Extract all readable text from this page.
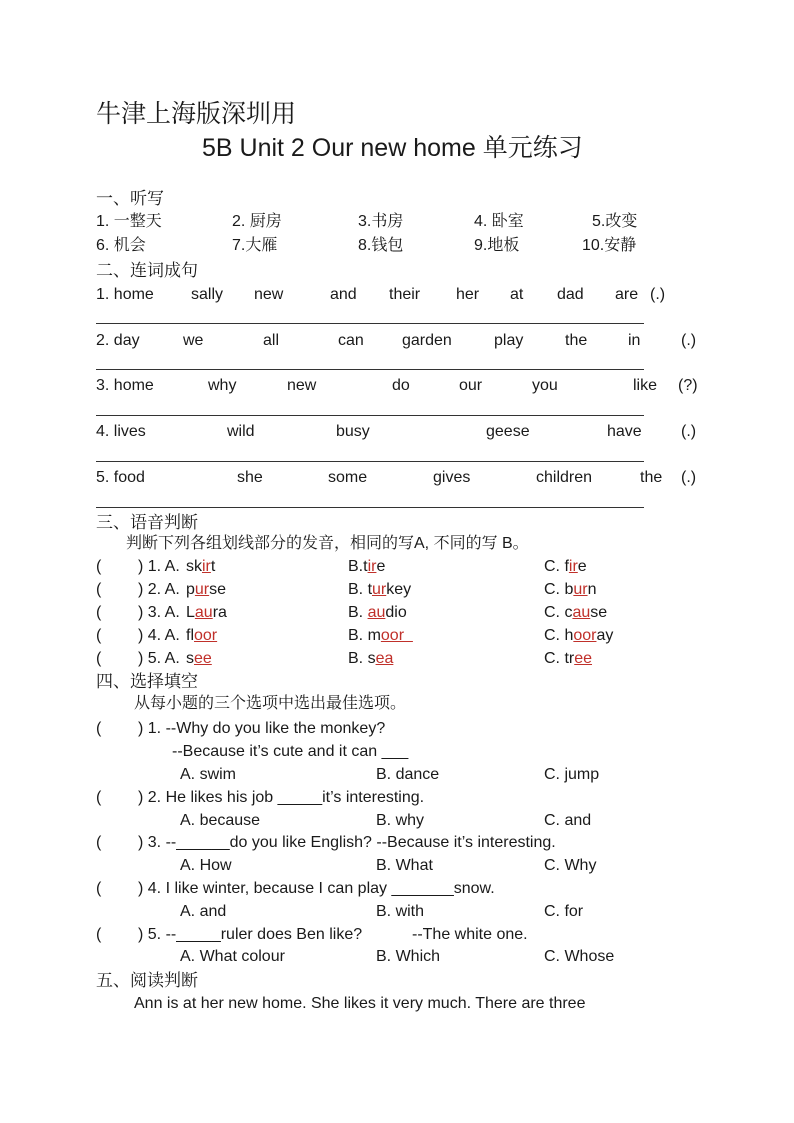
牛津上海版深圳用
5B Unit 2 Our new home 单元练习
一、听写
1. 一整天	2. 厨房	3.书房	4. 卧室	5.改变
6. 机会	7.大雁	8.钱包	9.地板	10.安静
二、连词成句
1. home sally new	and their her at dad are (.)
2. day	we	all	can garden	play	the	in	(.)
3. home	why	new	do	our	you	like (?)
4. lives	wild	busy	geese	have (.)
5. food	she	some	gives	children	the (.)
三、语音判断
判断下列各组划线部分的发音，相同的写A, 不同的写 B。
( ) 1. A. skirt	B.tire	C. fire
( ) 2. A. purse	B. turkey	C. burn
( ) 3. A. Laura	B. audio	C. cause
( ) 4. A. floor	B. moor	C. hooray
( ) 5. A. see	B. sea	C. tree
四、选择填空
从每小题的三个选项中选出最佳选项。
( ) 1. --Why do you like the monkey?
--Because it’s cute and it can ___
A. swim	B. dance	C. jump
( ) 2. He likes his job _____it’s interesting.
A. because	B. why	C. and
( ) 3. --______do you like English? --Because it’s interesting.
A. How	B. What	C. Why
( ) 4. I like winter, because I can play _______snow.
A. and	B. with	C. for
( ) 5. --_____ruler does Ben like?	--The white one.
A. What colour	B. Which	C. Whose
五、阅读判断
Ann is at her new home. She likes it very much. There are three
